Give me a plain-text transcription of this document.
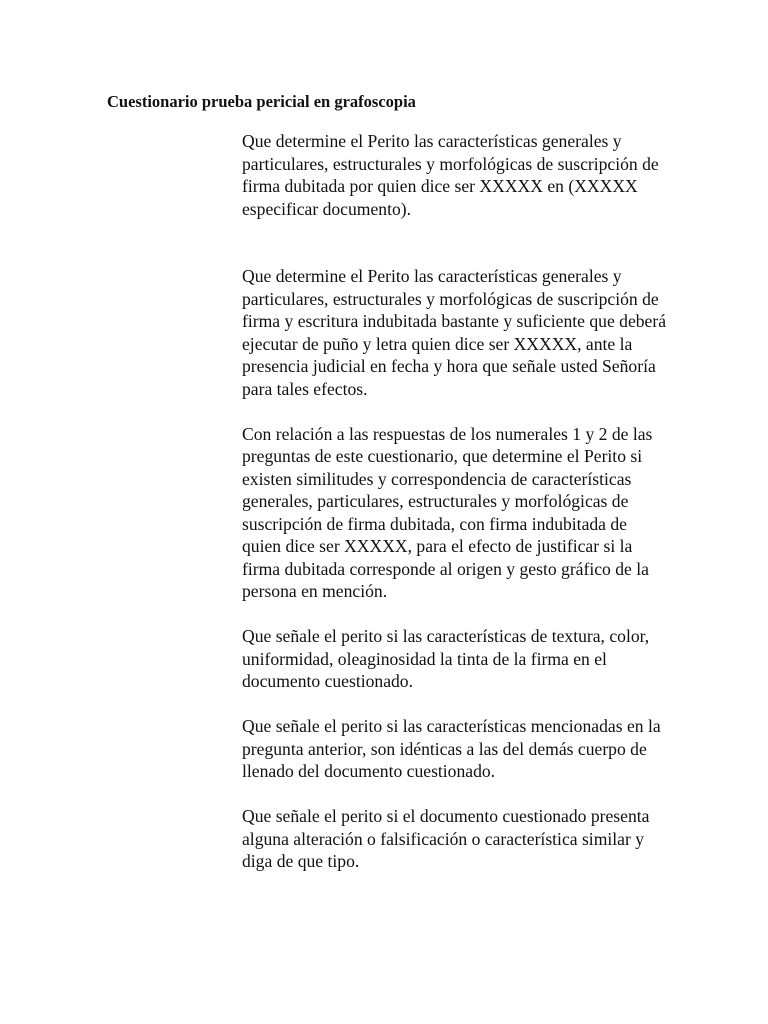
Cuestionario prueba pericial en grafoscopia
Que determine el Perito las características generales y particulares, estructurales y morfológicas de suscripción de firma dubitada por quien dice ser XXXXX en (XXXXX especificar documento).
Que determine el Perito las características generales y particulares, estructurales y morfológicas de suscripción de firma y escritura indubitada bastante y suficiente que deberá ejecutar de puño y letra quien dice ser XXXXX, ante la presencia judicial en fecha y hora que señale usted Señoría para tales efectos.
Con relación a las respuestas de los numerales 1 y 2 de las preguntas de este cuestionario, que determine el Perito si existen similitudes y correspondencia de características generales, particulares, estructurales y morfológicas de suscripción de firma dubitada, con firma indubitada de quien dice ser XXXXX, para el efecto de justificar si la firma dubitada corresponde al origen y gesto gráfico de la persona en mención.
Que señale el perito si las características de textura, color, uniformidad, oleaginosidad la tinta de la firma en el documento cuestionado.
Que señale el perito si las características mencionadas en la pregunta anterior, son idénticas a las del demás cuerpo de llenado del documento cuestionado.
Que señale el perito si el documento cuestionado presenta alguna alteración o falsificación o característica similar y diga de que tipo.
